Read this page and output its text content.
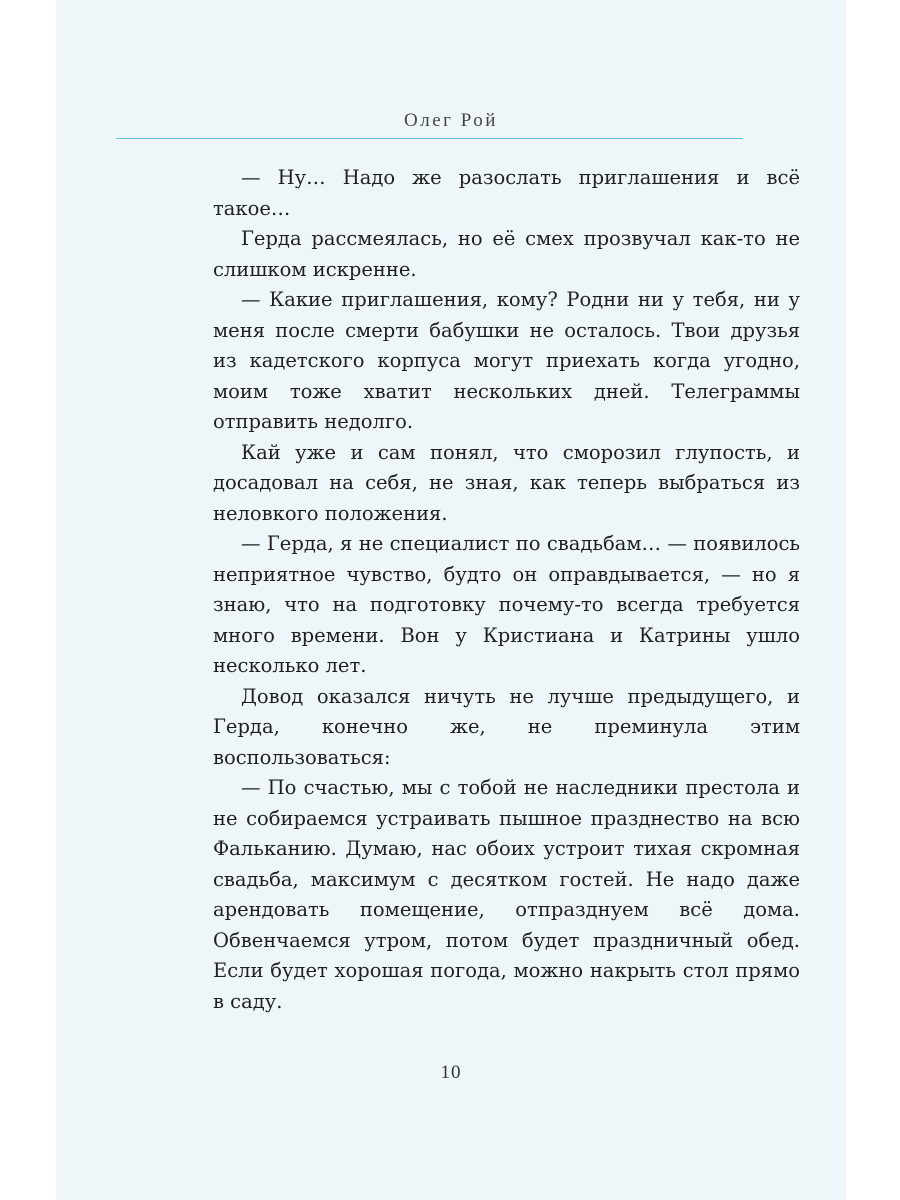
Олег Рой

— Ну… Надо же разослать приглашения и всё такое…

Герда рассмеялась, но её смех прозвучал как-то не слишком искренне.

— Какие приглашения, кому? Родни ни у тебя, ни у меня после смерти бабушки не осталось. Твои друзья из кадетского корпуса могут приехать когда угодно, моим тоже хватит нескольких дней. Телеграммы отправить недолго.

Кай уже и сам понял, что сморозил глупость, и досадовал на себя, не зная, как теперь выбраться из неловкого положения.

— Герда, я не специалист по свадьбам… — появилось неприятное чувство, будто он оправдывается, — но я знаю, что на подготовку почему-то всегда требуется много времени. Вон у Кристиана и Катрины ушло несколько лет.

Довод оказался ничуть не лучше предыдущего, и Герда, конечно же, не преминула этим воспользоваться:

— По счастью, мы с тобой не наследники престола и не собираемся устраивать пышное празднество на всю Фальканию. Думаю, нас обоих устроит тихая скромная свадьба, максимум с десятком гостей. Не надо даже арендовать помещение, отпразднуем всё дома. Обвенчаемся утром, потом будет праздничный обед. Если будет хорошая погода, можно накрыть стол прямо в саду.

10
